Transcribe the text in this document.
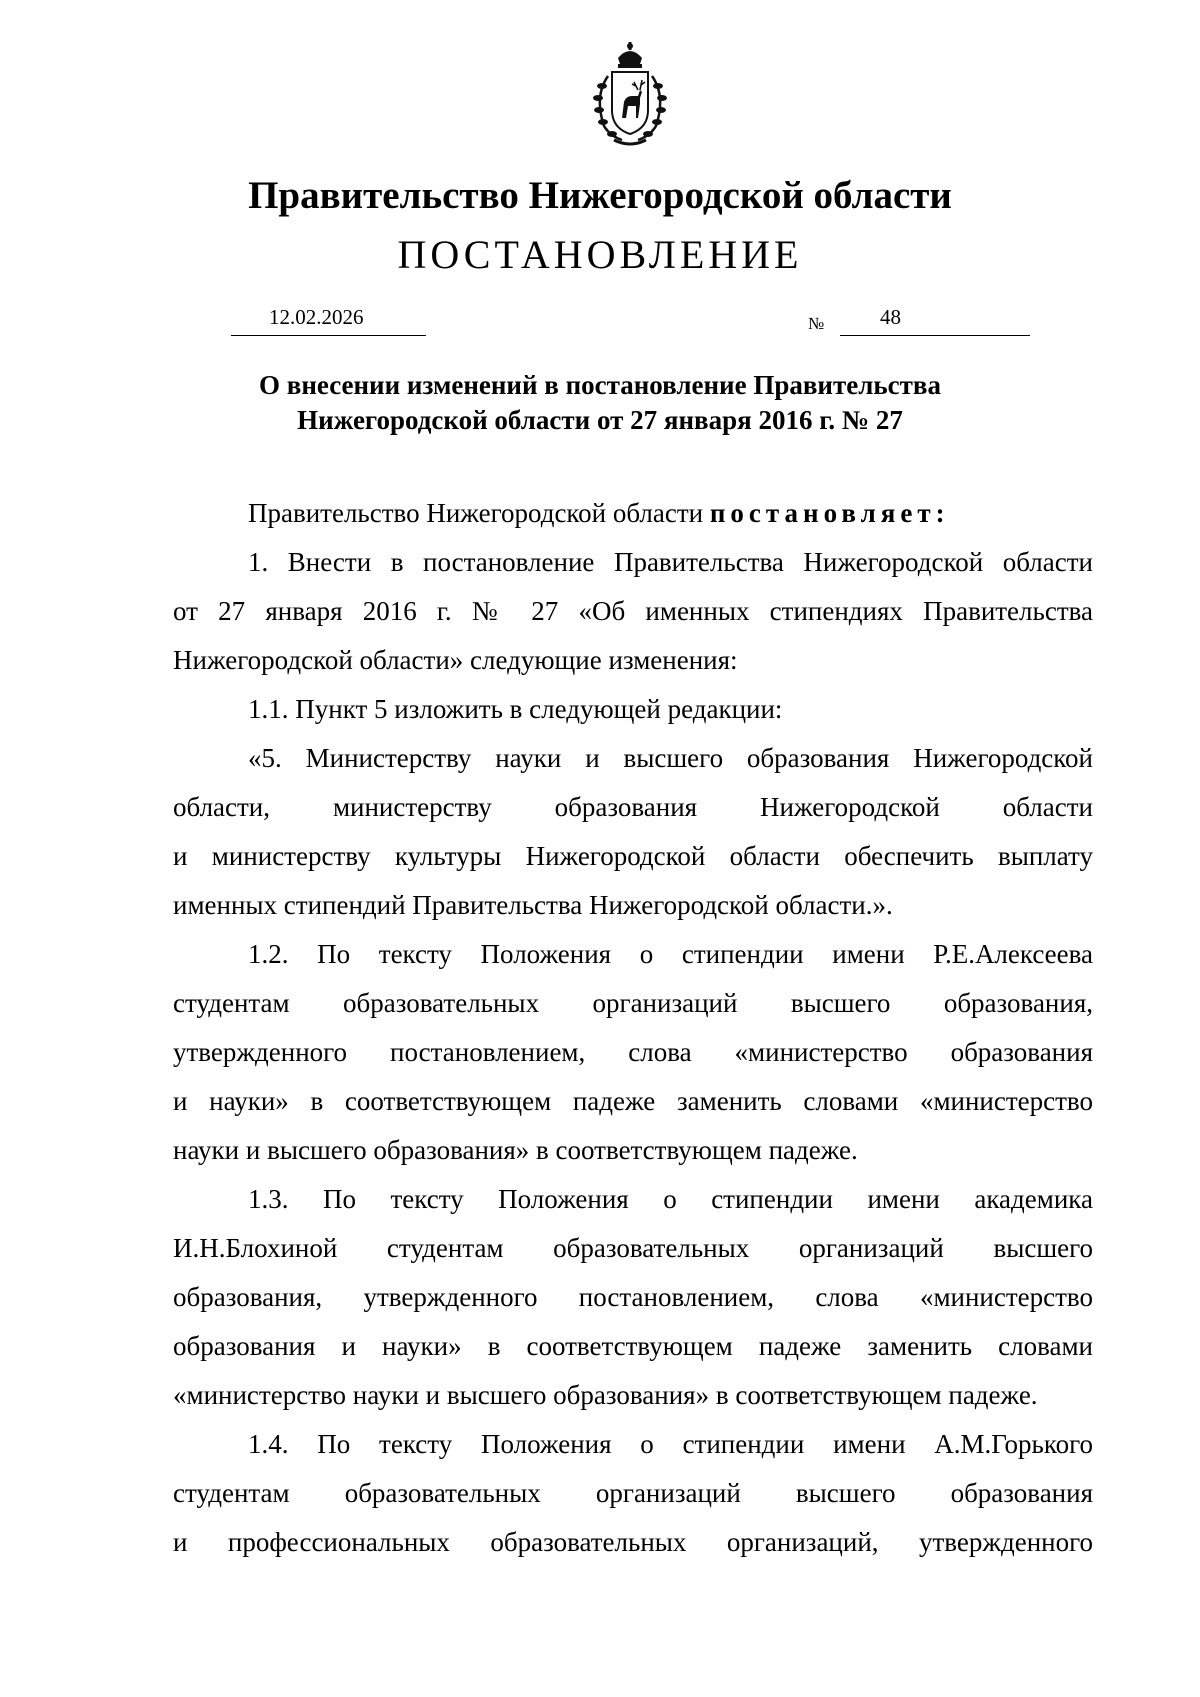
Правительство Нижегородской области
ПОСТАНОВЛЕНИЕ
12.02.2026	№	48
О внесении изменений в постановление Правительства
Нижегородской области от 27 января 2016 г. № 27
Правительство Нижегородской области постановляет:
1. Внести в постановление Правительства Нижегородской области
от 27 января 2016 г. № 27 «Об именных стипендиях Правительства
Нижегородской области» следующие изменения:
1.1. Пункт 5 изложить в следующей редакции:
«5. Министерству науки и высшего образования Нижегородской
области, министерству образования Нижегородской области
и министерству культуры Нижегородской области обеспечить выплату
именных стипендий Правительства Нижегородской области.».
1.2. По тексту Положения о стипендии имени Р.Е.Алексеева
студентам образовательных организаций высшего образования,
утвержденного постановлением, слова «министерство образования
и науки» в соответствующем падеже заменить словами «министерство
науки и высшего образования» в соответствующем падеже.
1.3. По тексту Положения о стипендии имени академика
И.Н.Блохиной студентам образовательных организаций высшего
образования, утвержденного постановлением, слова «министерство
образования и науки» в соответствующем падеже заменить словами
«министерство науки и высшего образования» в соответствующем падеже.
1.4. По тексту Положения о стипендии имени А.М.Горького
студентам образовательных организаций высшего образования
и профессиональных образовательных организаций, утвержденного
